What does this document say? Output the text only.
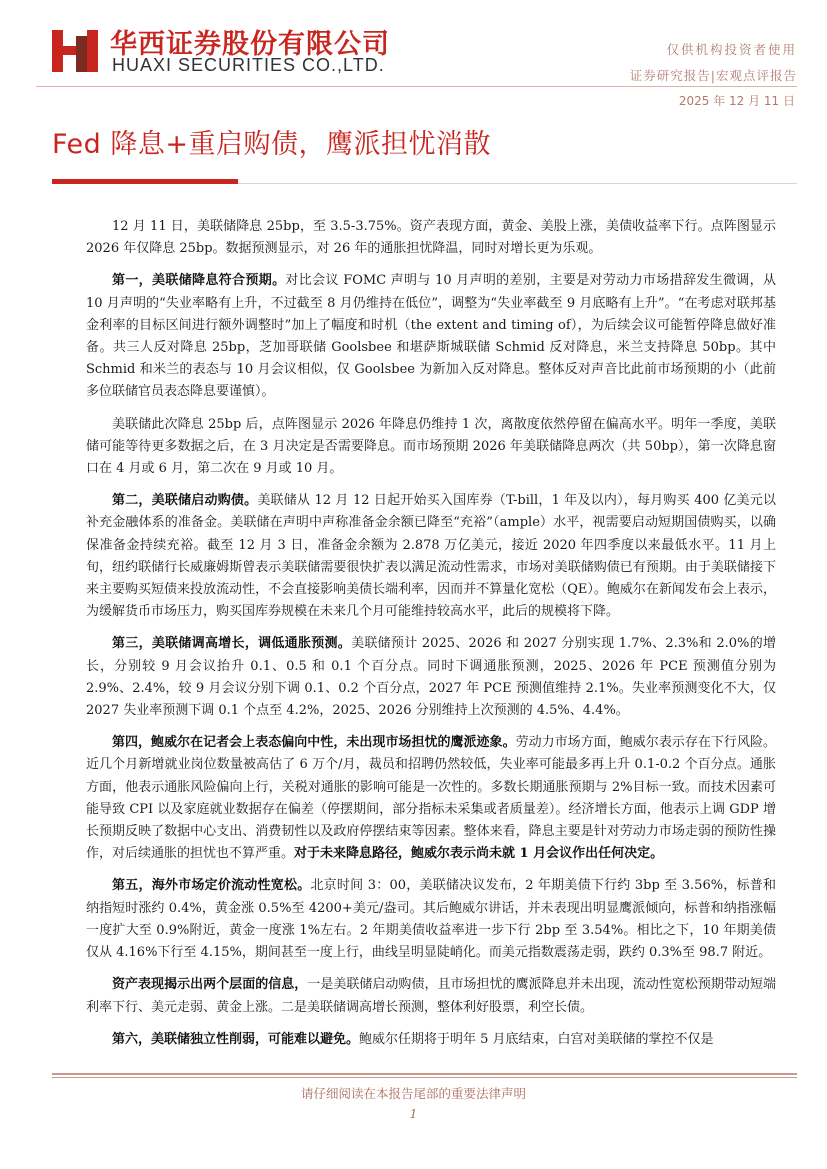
华西证券股份有限公司
HUAXI SECURITIES CO.,LTD.
仅供机构投资者使用
证券研究报告|宏观点评报告
2025 年 12 月 11 日
Fed 降息+重启购债，鹰派担忧消散

12 月 11 日，美联储降息 25bp，至 3.5-3.75%。资产表现方面，黄金、美股上涨，美债收益率下行。点阵图显示 2026 年仅降息 25bp。数据预测显示，对 26 年的通胀担忧降温，同时对增长更为乐观。

第一，美联储降息符合预期。对比会议 FOMC 声明与 10 月声明的差别，主要是对劳动力市场措辞发生微调，从 10 月声明的“失业率略有上升，不过截至 8 月仍维持在低位”，调整为“失业率截至 9 月底略有上升”。“在考虑对联邦基金利率的目标区间进行额外调整时”加上了幅度和时机（the extent and timing of），为后续会议可能暂停降息做好准备。共三人反对降息 25bp，芝加哥联储 Goolsbee 和堪萨斯城联储 Schmid 反对降息，米兰支持降息 50bp。其中 Schmid 和米兰的表态与 10 月会议相似，仅 Goolsbee 为新加入反对降息。整体反对声音比此前市场预期的小（此前多位联储官员表态降息要谨慎）。

美联储此次降息 25bp 后，点阵图显示 2026 年降息仍维持 1 次，离散度依然停留在偏高水平。明年一季度，美联储可能等待更多数据之后，在 3 月决定是否需要降息。而市场预期 2026 年美联储降息两次（共 50bp），第一次降息窗口在 4 月或 6 月，第二次在 9 月或 10 月。

第二，美联储启动购债。美联储从 12 月 12 日起开始买入国库券（T-bill，1 年及以内），每月购买 400 亿美元以补充金融体系的准备金。美联储在声明中声称准备金余额已降至“充裕”（ample）水平，视需要启动短期国债购买，以确保准备金持续充裕。截至 12 月 3 日，准备金余额为 2.878 万亿美元，接近 2020 年四季度以来最低水平。11 月上旬，纽约联储行长威廉姆斯曾表示美联储需要很快扩表以满足流动性需求，市场对美联储购债已有预期。由于美联储接下来主要购买短债来投放流动性，不会直接影响美债长端利率，因而并不算量化宽松（QE）。鲍威尔在新闻发布会上表示，为缓解货币市场压力，购买国库券规模在未来几个月可能维持较高水平，此后的规模将下降。

第三，美联储调高增长，调低通胀预测。美联储预计 2025、2026 和 2027 分别实现 1.7%、2.3%和 2.0%的增长，分别较 9 月会议抬升 0.1、0.5 和 0.1 个百分点。同时下调通胀预测，2025、2026 年 PCE 预测值分别为 2.9%、2.4%，较 9 月会议分别下调 0.1、0.2 个百分点，2027 年 PCE 预测值维持 2.1%。失业率预测变化不大，仅 2027 失业率预测下调 0.1 个点至 4.2%，2025、2026 分别维持上次预测的 4.5%、4.4%。

第四，鲍威尔在记者会上表态偏向中性，未出现市场担忧的鹰派迹象。劳动力市场方面，鲍威尔表示存在下行风险。近几个月新增就业岗位数量被高估了 6 万个/月，裁员和招聘仍然较低，失业率可能最多再上升 0.1-0.2 个百分点。通胀方面，他表示通胀风险偏向上行，关税对通胀的影响可能是一次性的。多数长期通胀预期与 2%目标一致。而技术因素可能导致 CPI 以及家庭就业数据存在偏差（停摆期间，部分指标未采集或者质量差）。经济增长方面，他表示上调 GDP 增长预期反映了数据中心支出、消费韧性以及政府停摆结束等因素。整体来看，降息主要是针对劳动力市场走弱的预防性操作，对后续通胀的担忧也不算严重。对于未来降息路径，鲍威尔表示尚未就 1 月会议作出任何决定。

第五，海外市场定价流动性宽松。北京时间 3：00，美联储决议发布，2 年期美债下行约 3bp 至 3.56%，标普和纳指短时涨约 0.4%，黄金涨 0.5%至 4200+美元/盎司。其后鲍威尔讲话，并未表现出明显鹰派倾向，标普和纳指涨幅一度扩大至 0.9%附近，黄金一度涨 1%左右。2 年期美债收益率进一步下行 2bp 至 3.54%。相比之下，10 年期美债仅从 4.16%下行至 4.15%，期间甚至一度上行，曲线呈明显陡峭化。而美元指数震荡走弱，跌约 0.3%至 98.7 附近。

资产表现揭示出两个层面的信息，一是美联储启动购债，且市场担忧的鹰派降息并未出现，流动性宽松预期带动短端利率下行、美元走弱、黄金上涨。二是美联储调高增长预测，整体利好股票，利空长债。

第六，美联储独立性削弱，可能难以避免。鲍威尔任期将于明年 5 月底结束，白宫对美联储的掌控不仅是

请仔细阅读在本报告尾部的重要法律声明
1
